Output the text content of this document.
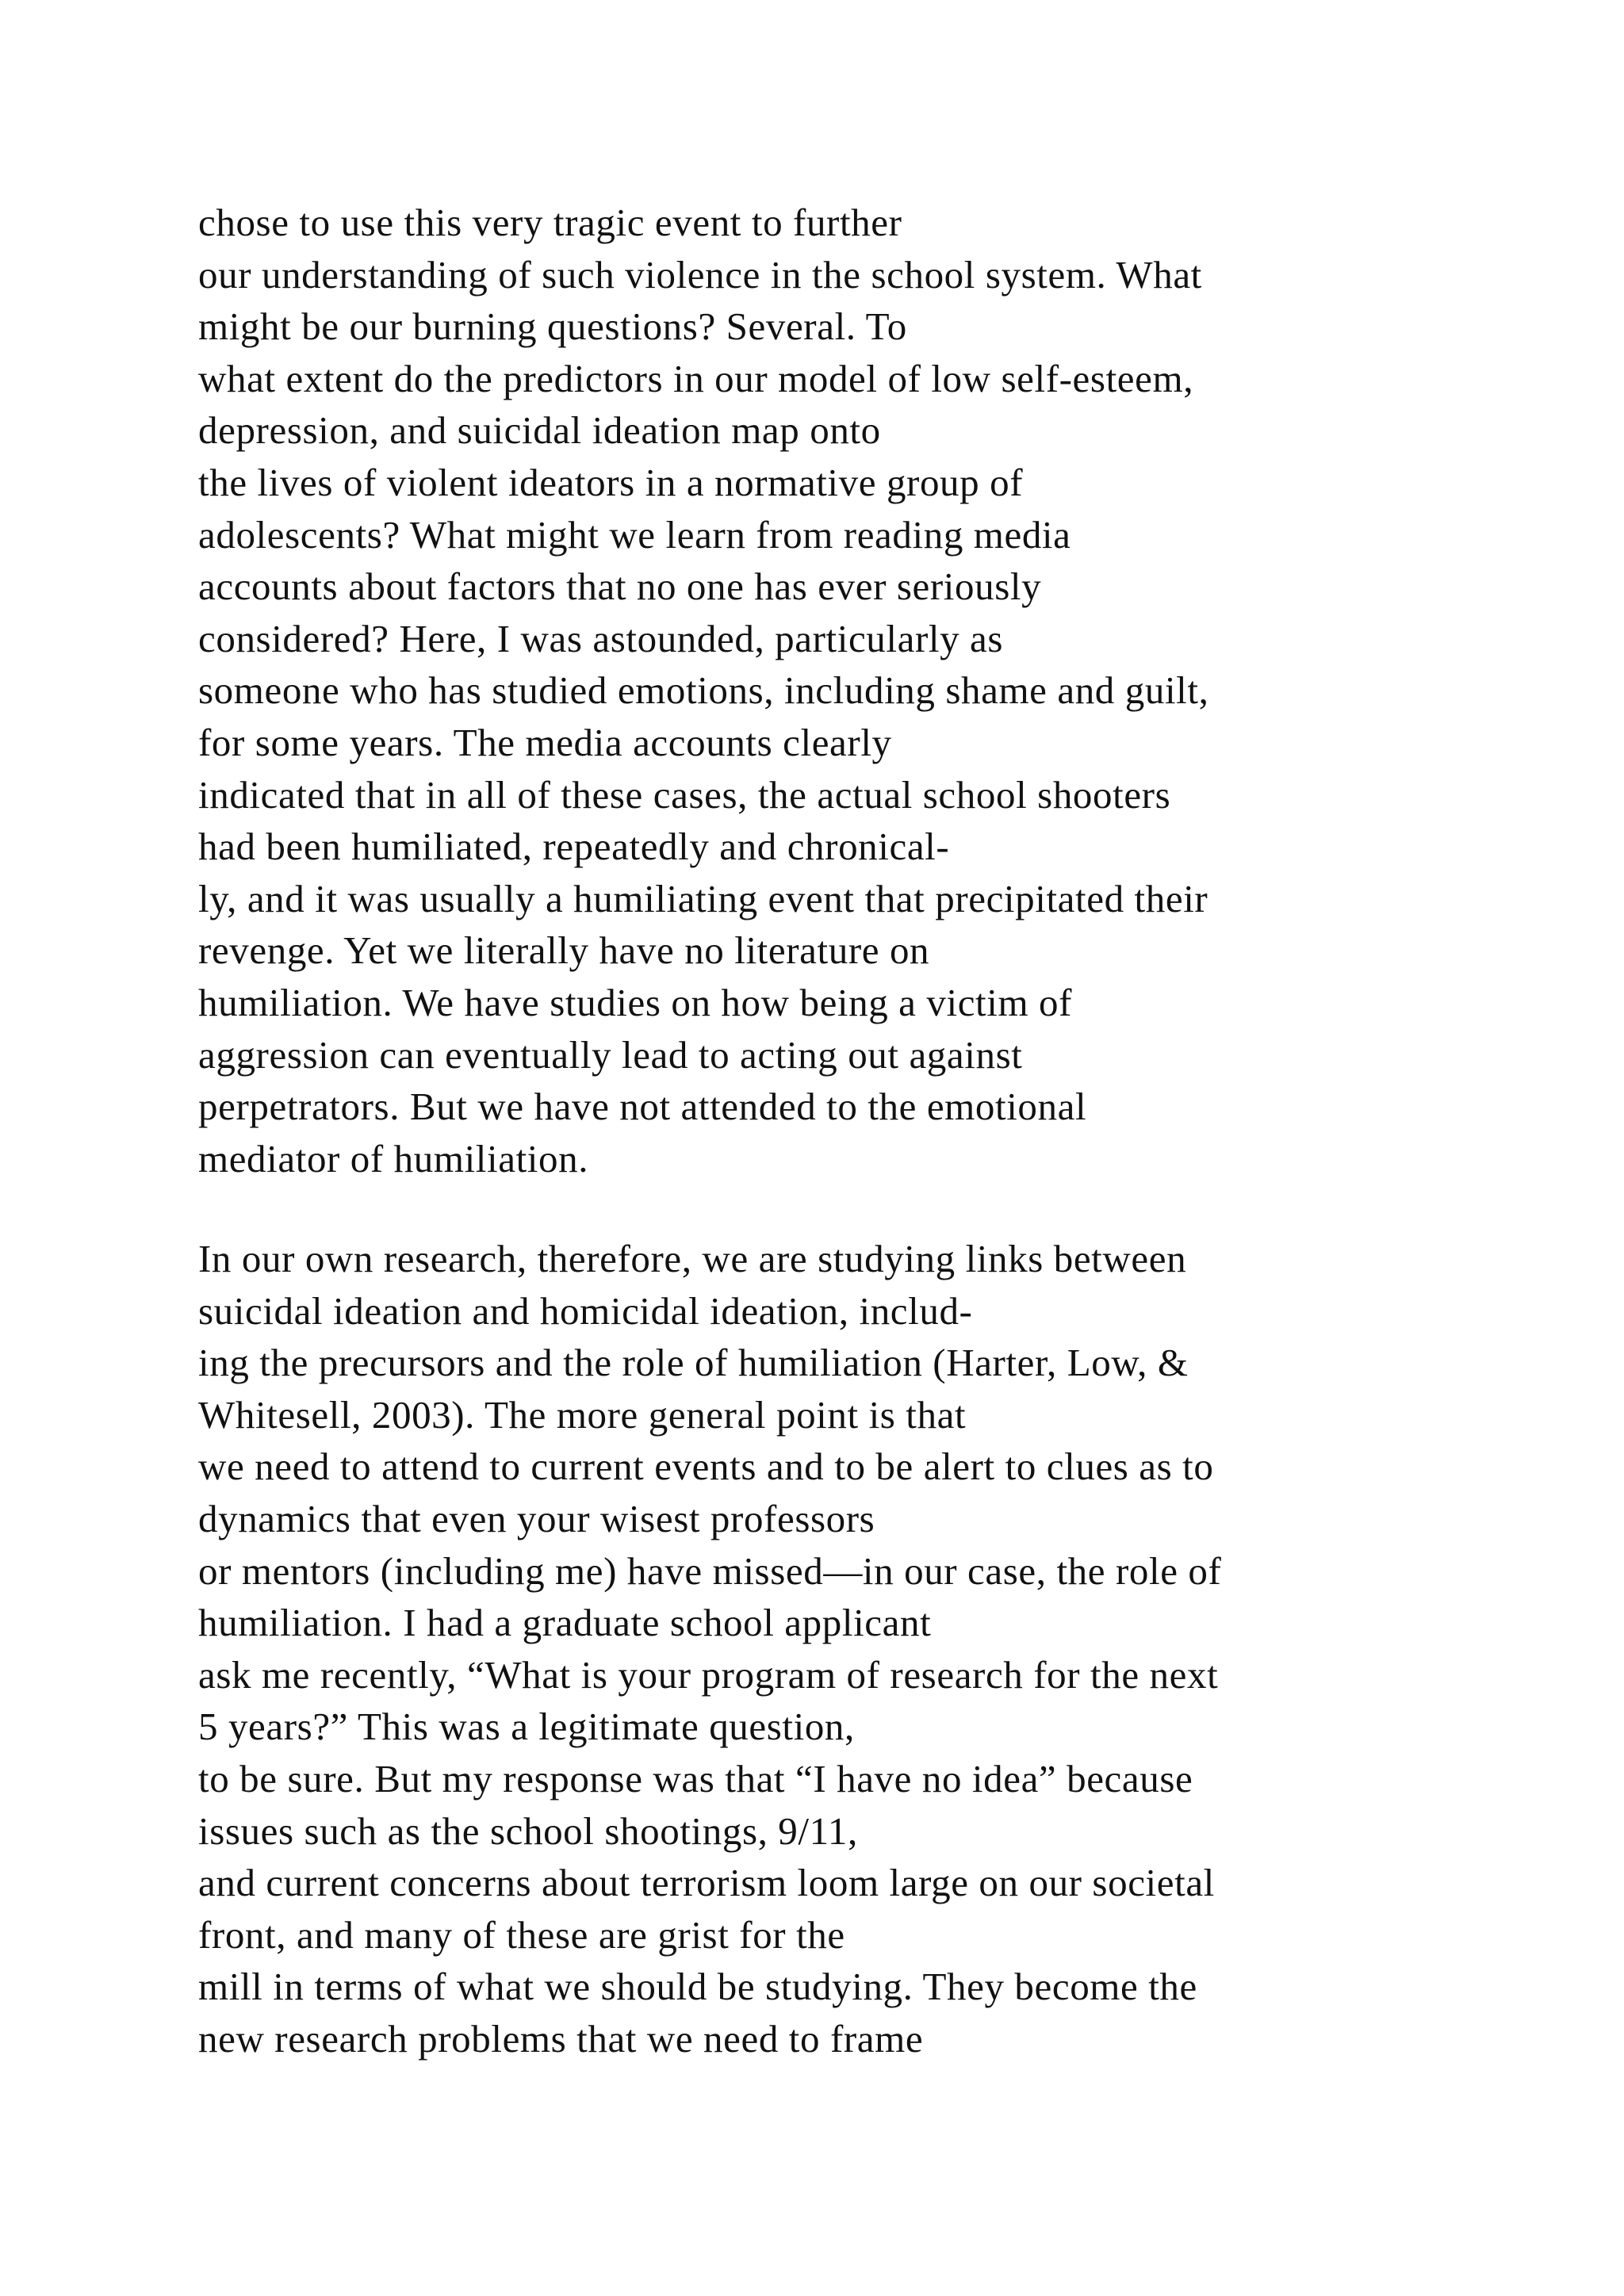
chose to use this very tragic event to further
our understanding of such violence in the school system. What
might be our burning questions? Several. To
what extent do the predictors in our model of low self-esteem,
depression, and suicidal ideation map onto
the lives of violent ideators in a normative group of
adolescents? What might we learn from reading media
accounts about factors that no one has ever seriously
considered? Here, I was astounded, particularly as
someone who has studied emotions, including shame and guilt,
for some years. The media accounts clearly
indicated that in all of these cases, the actual school shooters
had been humiliated, repeatedly and chronical-
ly, and it was usually a humiliating event that precipitated their
revenge. Yet we literally have no literature on
humiliation. We have studies on how being a victim of
aggression can eventually lead to acting out against
perpetrators. But we have not attended to the emotional
mediator of humiliation.
In our own research, therefore, we are studying links between
suicidal ideation and homicidal ideation, includ-
ing the precursors and the role of humiliation (Harter, Low, &
Whitesell, 2003). The more general point is that
we need to attend to current events and to be alert to clues as to
dynamics that even your wisest professors
or mentors (including me) have missed—in our case, the role of
humiliation. I had a graduate school applicant
ask me recently, “What is your program of research for the next
5 years?” This was a legitimate question,
to be sure. But my response was that “I have no idea” because
issues such as the school shootings, 9/11,
and current concerns about terrorism loom large on our societal
front, and many of these are grist for the
mill in terms of what we should be studying. They become the
new research problems that we need to frame
